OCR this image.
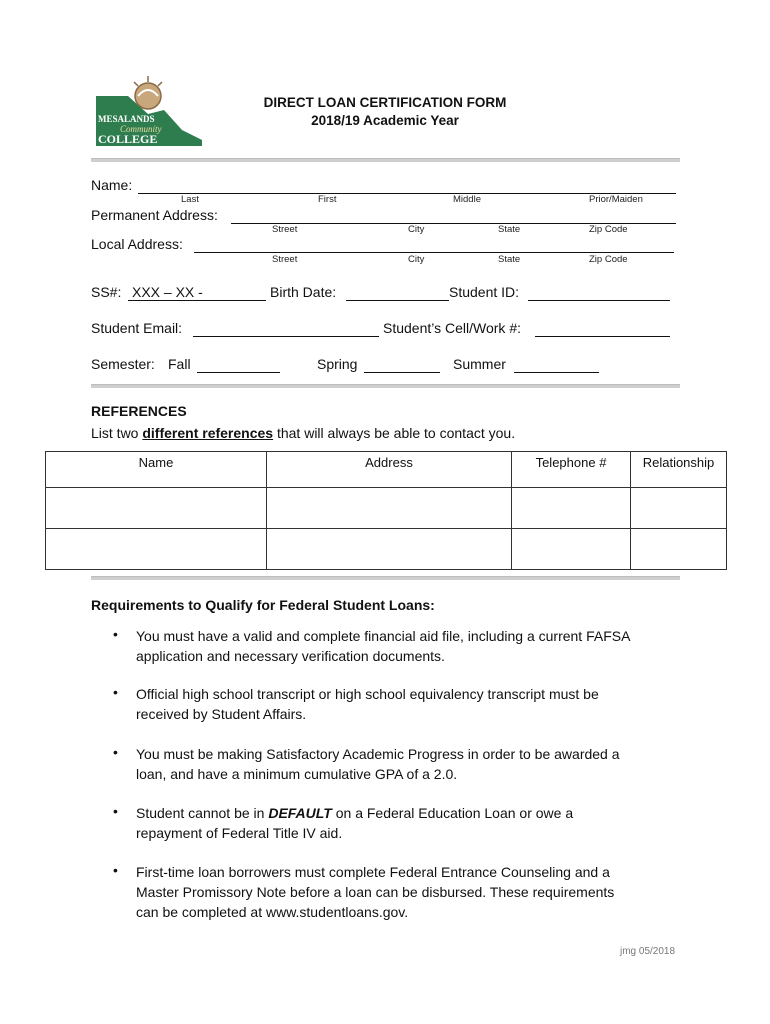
MESALANDS
Community
COLLEGE
DIRECT LOAN CERTIFICATION FORM
2018/19 Academic Year
Name:
Last	First	Middle	Prior/Maiden
Permanent Address:
Street	City	State	Zip Code
Local Address:
Street	City	State	Zip Code
SS#: XXX – XX -	Birth Date:	Student ID:
Student Email:	Student’s Cell/Work #:
Semester: Fall	Spring	Summer
REFERENCES
List two different references that will always be able to contact you.
Name	Address	Telephone #	Relationship

Requirements to Qualify for Federal Student Loans:
• You must have a valid and complete financial aid file, including a current FAFSA
application and necessary verification documents.
• Official high school transcript or high school equivalency transcript must be
received by Student Affairs.
• You must be making Satisfactory Academic Progress in order to be awarded a
loan, and have a minimum cumulative GPA of a 2.0.
• Student cannot be in DEFAULT on a Federal Education Loan or owe a
repayment of Federal Title IV aid.
• First-time loan borrowers must complete Federal Entrance Counseling and a
Master Promissory Note before a loan can be disbursed. These requirements
can be completed at www.studentloans.gov.
jmg 05/2018
